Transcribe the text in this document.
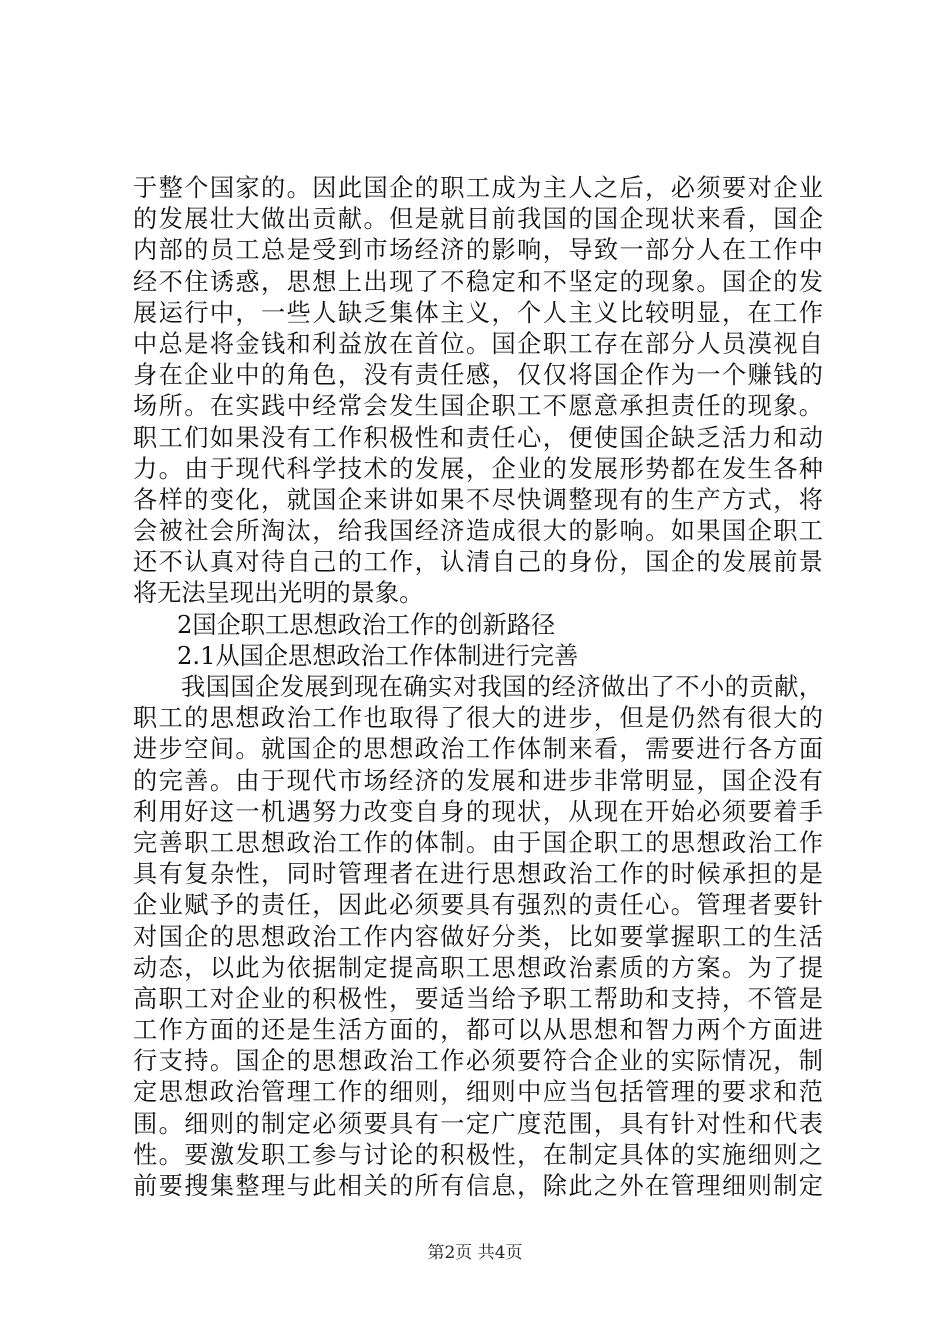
于整个国家的。因此国企的职工成为主人之后，必须要对企业
的发展壮大做出贡献。但是就目前我国的国企现状来看，国企
内部的员工总是受到市场经济的影响，导致一部分人在工作中
经不住诱惑，思想上出现了不稳定和不坚定的现象。国企的发
展运行中，一些人缺乏集体主义，个人主义比较明显，在工作
中总是将金钱和利益放在首位。国企职工存在部分人员漠视自
身在企业中的角色，没有责任感，仅仅将国企作为一个赚钱的
场所。在实践中经常会发生国企职工不愿意承担责任的现象。
职工们如果没有工作积极性和责任心，便使国企缺乏活力和动
力。由于现代科学技术的发展，企业的发展形势都在发生各种
各样的变化，就国企来讲如果不尽快调整现有的生产方式，将
会被社会所淘汰，给我国经济造成很大的影响。如果国企职工
还不认真对待自己的工作，认清自己的身份，国企的发展前景
将无法呈现出光明的景象。
2国企职工思想政治工作的创新路径
2.1从国企思想政治工作体制进行完善
我国国企发展到现在确实对我国的经济做出了不小的贡献，
职工的思想政治工作也取得了很大的进步，但是仍然有很大的
进步空间。就国企的思想政治工作体制来看，需要进行各方面
的完善。由于现代市场经济的发展和进步非常明显，国企没有
利用好这一机遇努力改变自身的现状，从现在开始必须要着手
完善职工思想政治工作的体制。由于国企职工的思想政治工作
具有复杂性，同时管理者在进行思想政治工作的时候承担的是
企业赋予的责任，因此必须要具有强烈的责任心。管理者要针
对国企的思想政治工作内容做好分类，比如要掌握职工的生活
动态，以此为依据制定提高职工思想政治素质的方案。为了提
高职工对企业的积极性，要适当给予职工帮助和支持，不管是
工作方面的还是生活方面的，都可以从思想和智力两个方面进
行支持。国企的思想政治工作必须要符合企业的实际情况，制
定思想政治管理工作的细则，细则中应当包括管理的要求和范
围。细则的制定必须要具有一定广度范围，具有针对性和代表
性。要激发职工参与讨论的积极性，在制定具体的实施细则之
前要搜集整理与此相关的所有信息，除此之外在管理细则制定
第2页 共4页
